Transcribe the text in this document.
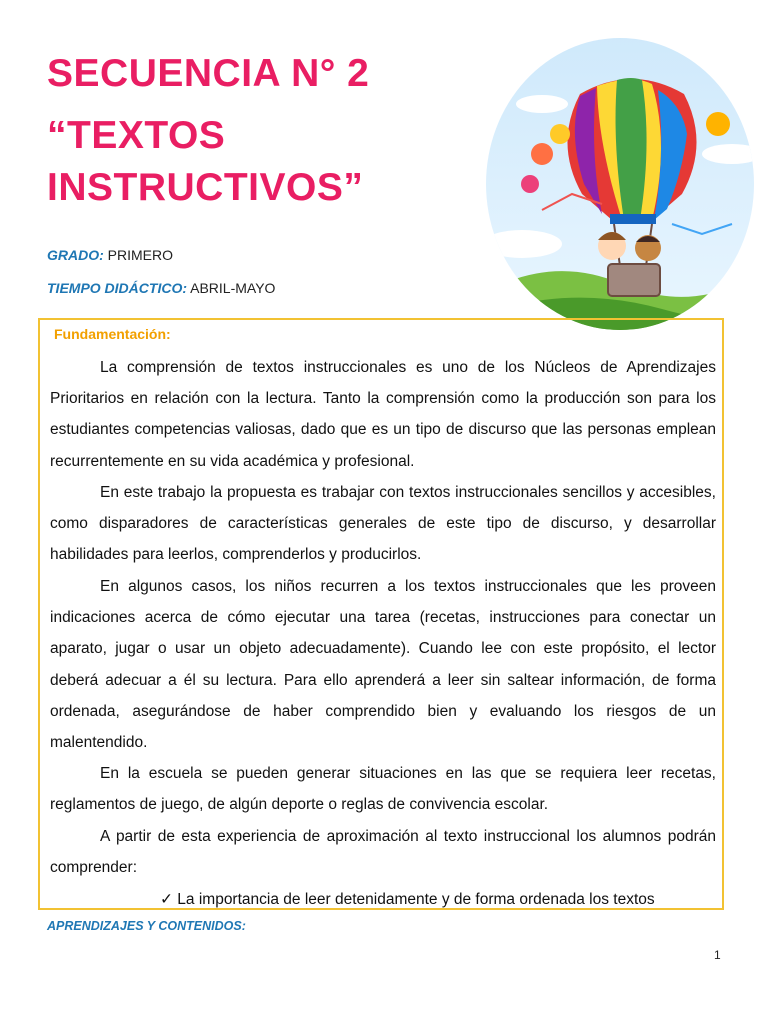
SECUENCIA N° 2
“TEXTOS
INSTRUCTIVOS”
GRADO: PRIMERO
TIEMPO DIDÁCTICO: ABRIL-MAYO
Fundamentación:

La comprensión de textos instruccionales es uno de los Núcleos de Aprendizajes Prioritarios en relación con la lectura. Tanto la comprensión como la producción son para los estudiantes competencias valiosas, dado que es un tipo de discurso que las personas emplean recurrentemente en su vida académica y profesional.

En este trabajo la propuesta es trabajar con textos instruccionales sencillos y accesibles, como disparadores de características generales de este tipo de discurso, y desarrollar habilidades para leerlos, comprenderlos y producirlos.

En algunos casos, los niños recurren a los textos instruccionales que les proveen indicaciones acerca de cómo ejecutar una tarea (recetas, instrucciones para conectar un aparato, jugar o usar un objeto adecuadamente). Cuando lee con este propósito, el lector deberá adecuar a él su lectura. Para ello aprenderá a leer sin saltear información, de forma ordenada, asegurándose de haber comprendido bien y evaluando los riesgos de un malentendido.

En la escuela se pueden generar situaciones en las que se requiera leer recetas, reglamentos de juego, de algún deporte o reglas de convivencia escolar.

A partir de esta experiencia de aproximación al texto instruccional los alumnos podrán comprender:

✓ La importancia de leer detenidamente y de forma ordenada los textos
APRENDIZAJES Y CONTENIDOS:
1
